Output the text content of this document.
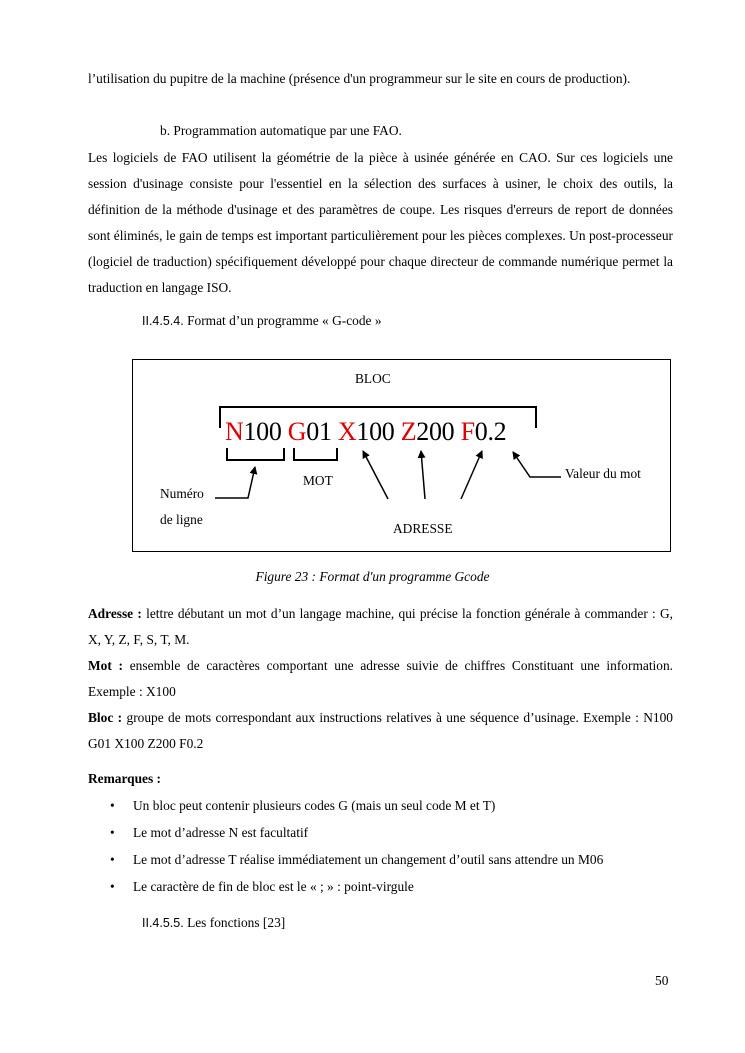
l’utilisation du pupitre de la machine (présence d'un programmeur sur le site en cours de production).

b. Programmation automatique par une FAO.

Les logiciels de FAO utilisent la géométrie de la pièce à usinée générée en CAO. Sur ces logiciels une session d'usinage consiste pour l'essentiel en la sélection des surfaces à usiner, le choix des outils, la définition de la méthode d'usinage et des paramètres de coupe. Les risques d'erreurs de report de données sont éliminés, le gain de temps est important particulièrement pour les pièces complexes. Un post-processeur (logiciel de traduction) spécifiquement développé pour chaque directeur de commande numérique permet la traduction en langage ISO.

II.4.5.4. Format d’un programme « G-code »
BLOC
N100 G01 X100 Z200 F0.2
Numéro
de ligne
MOT
ADRESSE
Valeur du mot
Figure 23 : Format d'un programme Gcode

Adresse : lettre débutant un mot d’un langage machine, qui précise la fonction générale à commander : G, X, Y, Z, F, S, T, M.

Mot : ensemble de caractères comportant une adresse suivie de chiffres Constituant une information. Exemple : X100

Bloc : groupe de mots correspondant aux instructions relatives à une séquence d’usinage. Exemple : N100 G01 X100 Z200 F0.2

Remarques :
• Un bloc peut contenir plusieurs codes G (mais un seul code M et T)
• Le mot d’adresse N est facultatif
• Le mot d’adresse T réalise immédiatement un changement d’outil sans attendre un M06
• Le caractère de fin de bloc est le « ; » : point-virgule
II.4.5.5. Les fonctions [23]
50
